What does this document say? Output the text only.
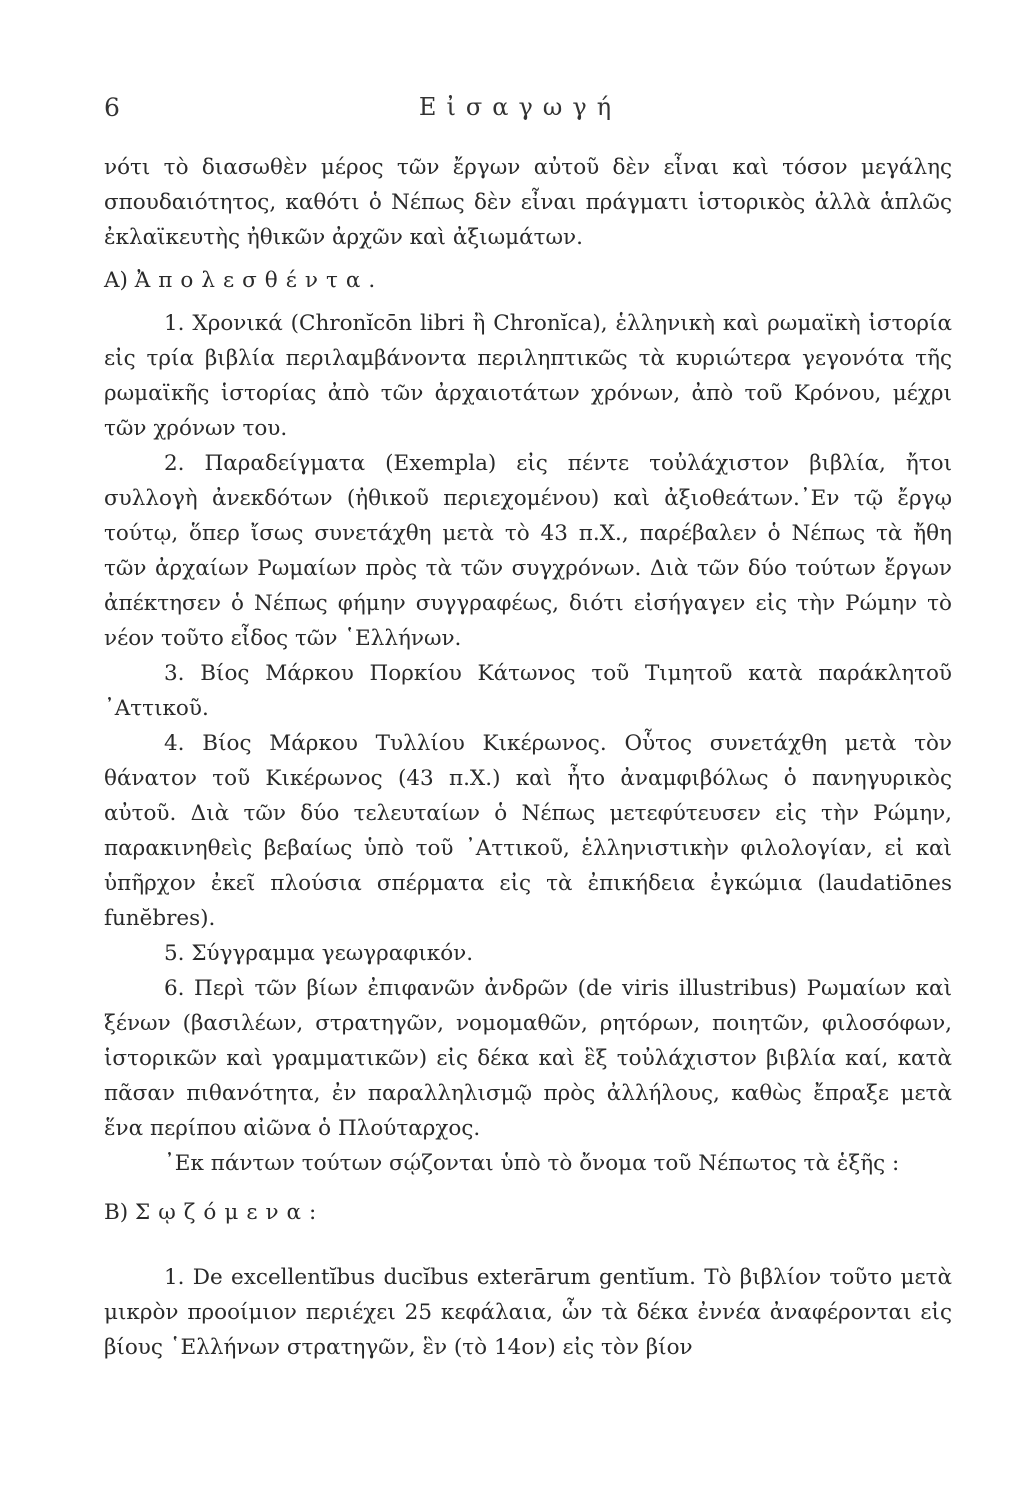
6	Εἰσαγωγή

νότι τὸ διασωθὲν μέρος τῶν ἔργων αὐτοῦ δὲν εἶναι καὶ τόσον μεγάλης σπουδαιότητος, καθότι ὁ Νέπως δὲν εἶναι πράγματι ἱστορικὸς ἀλλὰ ἁπλῶς ἐκλαϊκευτὴς ἠθικῶν ἀρχῶν καὶ ἀξιωμάτων.

A) Ἀπολεσθέντα.

1. Χρονικά (Chronĭcōn libri ἢ Chronĭca), ἑλληνικὴ καὶ ρωμαϊκὴ ἱστορία εἰς τρία βιβλία περιλαμβάνοντα περιληπτικῶς τὰ κυριώτερα γεγονότα τῆς ρωμαϊκῆς ἱστορίας ἀπὸ τῶν ἀρχαιοτάτων χρόνων, ἀπὸ τοῦ Κρόνου, μέχρι τῶν χρόνων του.

2. Παραδείγματα (Exempla) εἰς πέντε τοὐλάχιστον βιβλία, ἤτοι συλλογὴ ἀνεκδότων (ἠθικοῦ περιεχομένου) καὶ ἀξιοθεάτων.᾿Εν τῷ ἔργῳ τούτῳ, ὅπερ ἴσως συνετάχθη μετὰ τὸ 43 π.Χ., παρέβαλεν ὁ Νέπως τὰ ἤθη τῶν ἀρχαίων Ρωμαίων πρὸς τὰ τῶν συγχρόνων. Διὰ τῶν δύο τούτων ἔργων ἀπέκτησεν ὁ Νέπως φήμην συγγραφέως, διότι εἰσήγαγεν εἰς τὴν Ρώμην τὸ νέον τοῦτο εἶδος τῶν ῾Ελλήνων.

3. Βίος Μάρκου Πορκίου Κάτωνος τοῦ Τιμητοῦ κατὰ παράκλητοῦ ᾿Αττικοῦ.

4. Βίος Μάρκου Τυλλίου Κικέρωνος. Οὗτος συνετάχθη μετὰ τὸν θάνατον τοῦ Κικέρωνος (43 π.Χ.) καὶ ἦτο ἀναμφιβόλως ὁ πανηγυρικὸς αὐτοῦ. Διὰ τῶν δύο τελευταίων ὁ Νέπως μετεφύτευσεν εἰς τὴν Ρώμην, παρακινηθεὶς βεβαίως ὑπὸ τοῦ ᾿Αττικοῦ, ἑλληνιστικὴν φιλολογίαν, εἰ καὶ ὑπῆρχον ἐκεῖ πλούσια σπέρματα εἰς τὰ ἐπικήδεια ἐγκώμια (laudatiōnes funĕbres).

5. Σύγγραμμα γεωγραφικόν.

6. Περὶ τῶν βίων ἐπιφανῶν ἀνδρῶν (de viris illustribus) Ρωμαίων καὶ ξένων (βασιλέων, στρατηγῶν, νομομαθῶν, ρητόρων, ποιητῶν, φιλοσόφων, ἱστορικῶν καὶ γραμματικῶν) εἰς δέκα καὶ ἓξ τοὐλάχιστον βιβλία καί, κατὰ πᾶσαν πιθανότητα, ἐν παραλληλισμῷ πρὸς ἀλλήλους, καθὼς ἔπραξε μετὰ ἕνα περίπου αἰῶνα ὁ Πλούταρχος.

᾿Εκ πάντων τούτων σῴζονται ὑπὸ τὸ ὄνομα τοῦ Νέπωτος τὰ ἑξῆς :

B) Σῳζόμενα:

1. De excellentĭbus ducĭbus exterārum gentĭum. Τὸ βιβλίον τοῦτο μετὰ μικρὸν προοίμιον περιέχει 25 κεφάλαια, ὧν τὰ δέκα ἐννέα ἀναφέρονται εἰς βίους ῾Ελλήνων στρατηγῶν, ἓν (τὸ 14ον) εἰς τὸν βίον
